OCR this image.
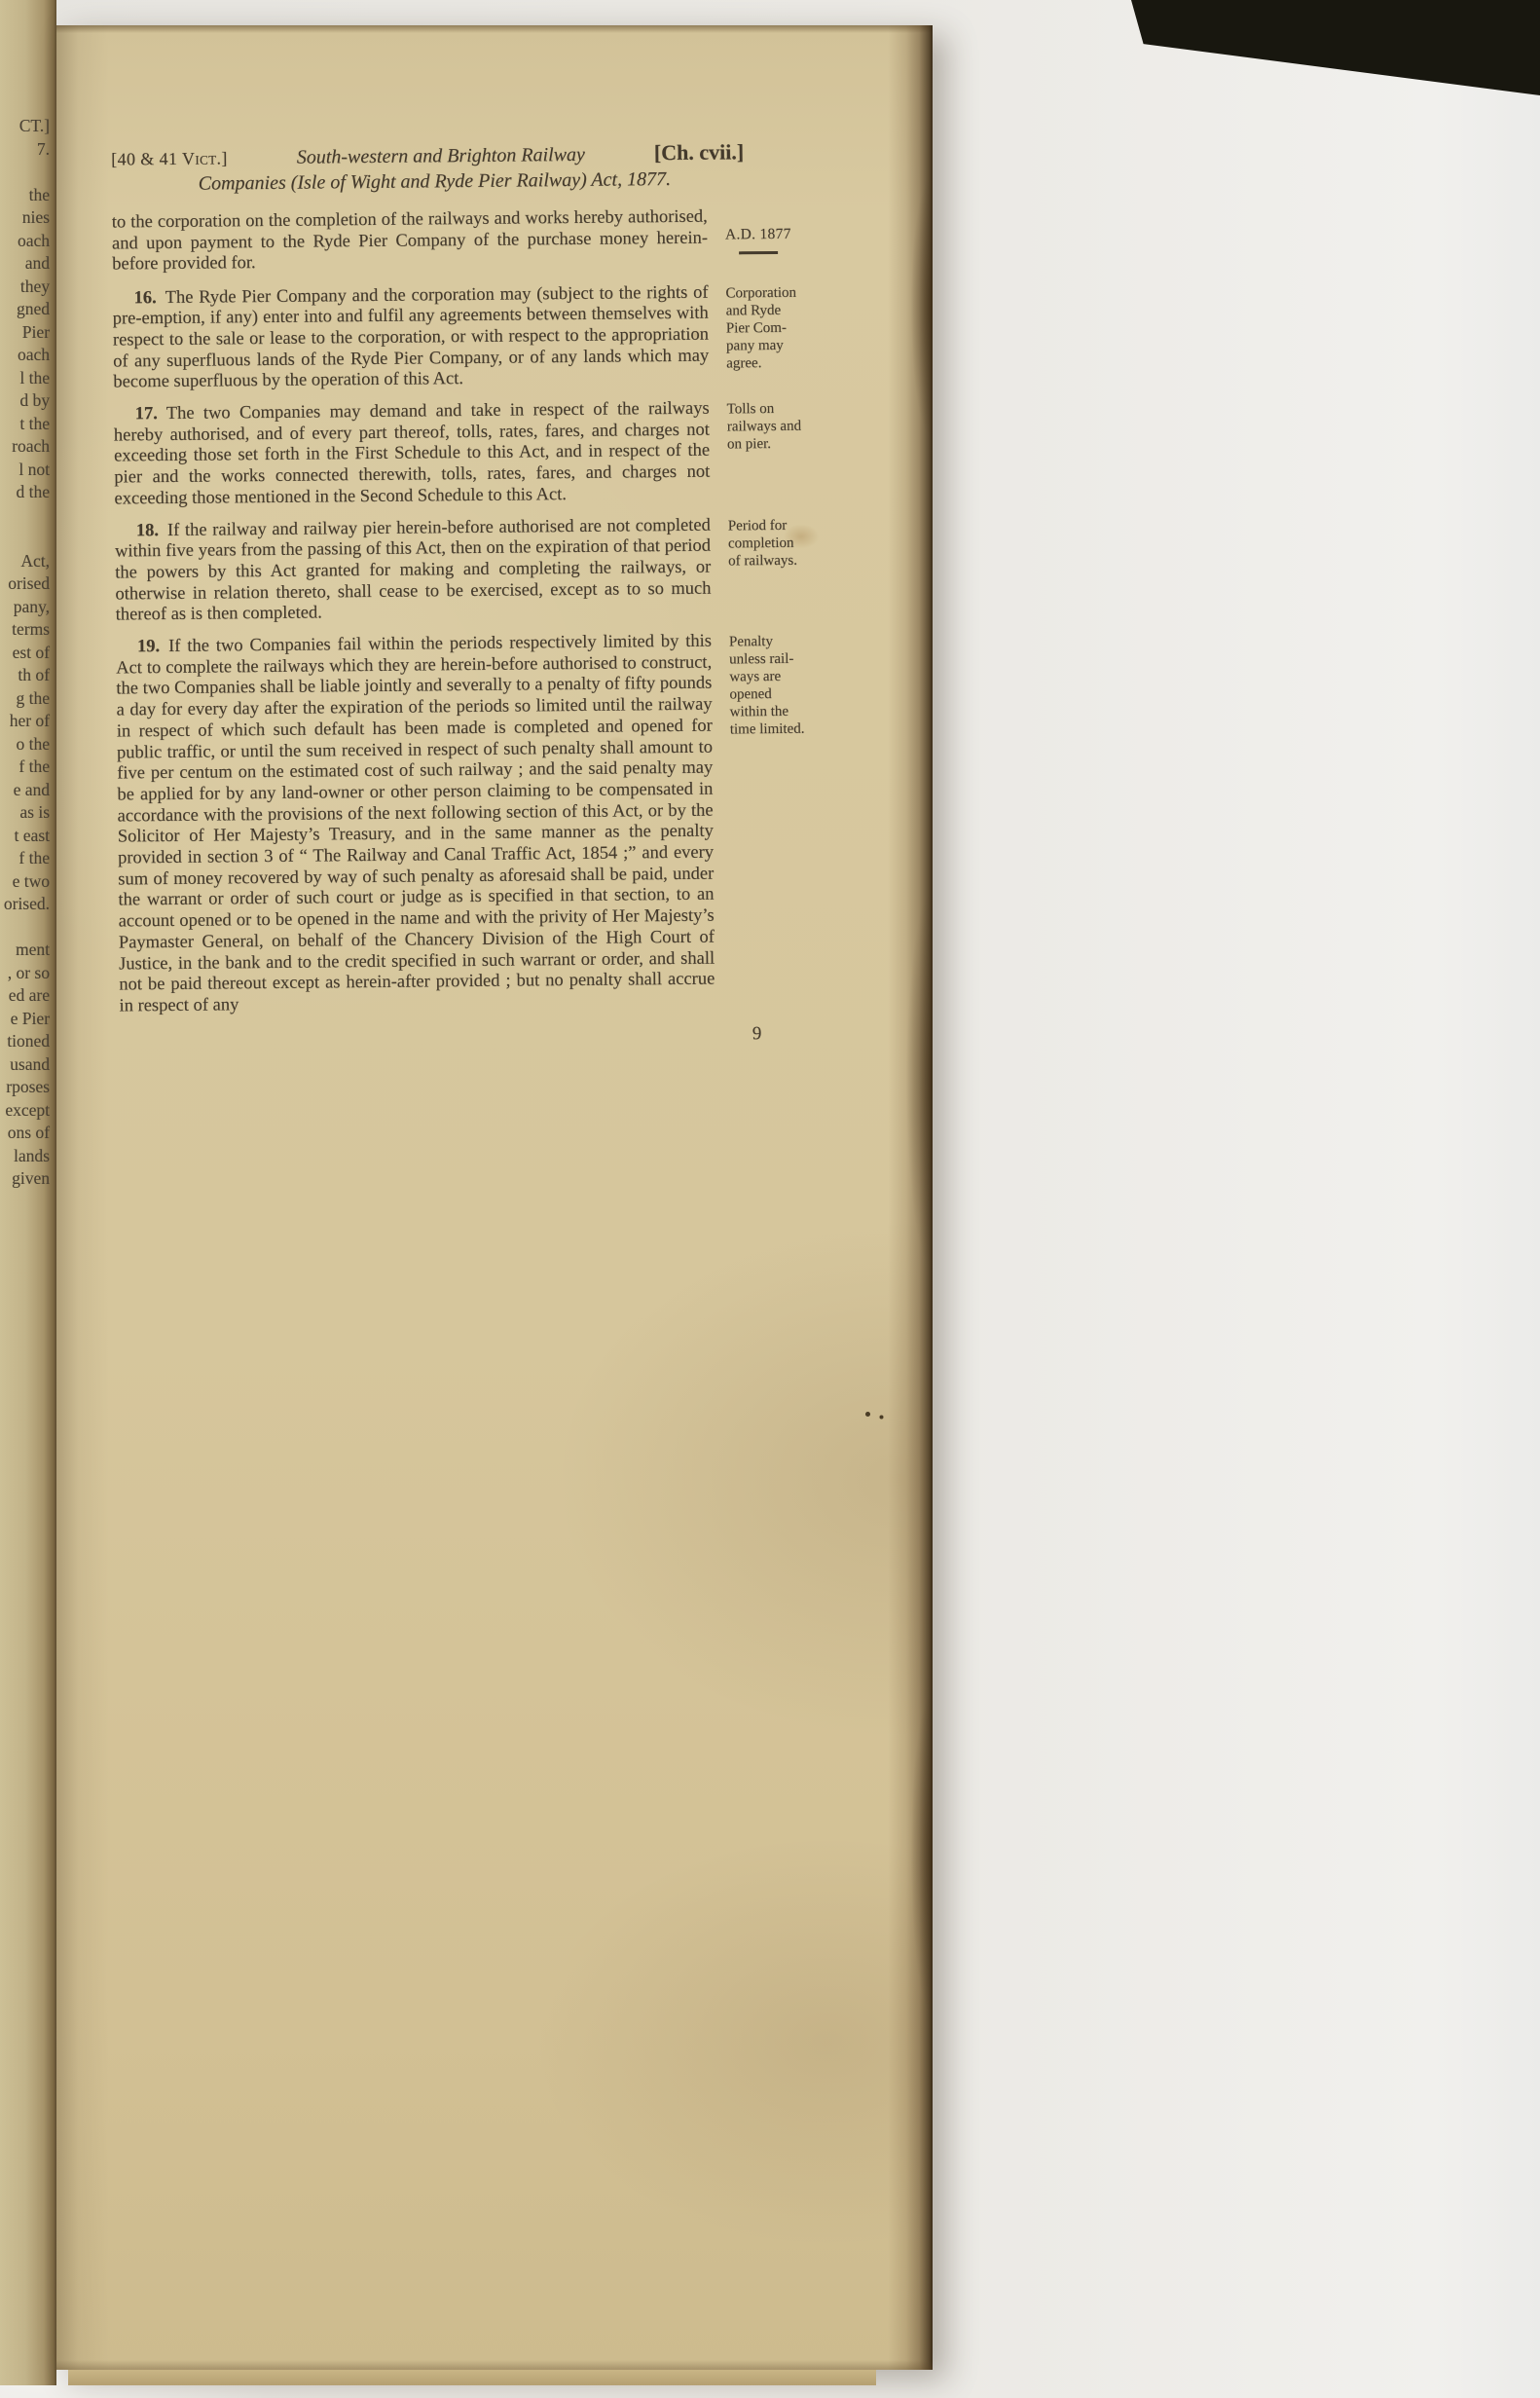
CT.]
7.
the
nies
oach
and
they
gned
Pier
oach
l the
d by
t the
roach
l not
d the
Act,
orised
pany,
terms
est of
th of
g the
her of
o the
f the
e and
as is
t east
f the
e two
orised.
ment
, or so
ed are
e Pier
tioned
usand
rposes
except
ons of
lands
given
[40 & 41 Vict.]	South-western and Brighton Railway	[Ch. cvii.]
Companies (Isle of Wight and Ryde Pier Railway) Act, 1877.

to the corporation on the completion of the railways and works hereby authorised, and upon payment to the Ryde Pier Company of the purchase money herein-before provided for.

A.D. 1877

16. The Ryde Pier Company and the corporation may (subject to the rights of pre-emption, if any) enter into and fulfil any agreements between themselves with respect to the sale or lease to the corporation, or with respect to the appropriation of any superfluous lands of the Ryde Pier Company, or of any lands which may become superfluous by the operation of this Act.

Corporation
and Ryde
Pier Com-
pany may
agree.

17. The two Companies may demand and take in respect of the railways hereby authorised, and of every part thereof, tolls, rates, fares, and charges not exceeding those set forth in the First Schedule to this Act, and in respect of the pier and the works connected therewith, tolls, rates, fares, and charges not exceeding those mentioned in the Second Schedule to this Act.

Tolls on
railways and
on pier.

18. If the railway and railway pier herein-before authorised are not completed within five years from the passing of this Act, then on the expiration of that period the powers by this Act granted for making and completing the railways, or otherwise in relation thereto, shall cease to be exercised, except as to so much thereof as is then completed.

Period for
completion
of railways.

19. If the two Companies fail within the periods respectively limited by this Act to complete the railways which they are herein-before authorised to construct, the two Companies shall be liable jointly and severally to a penalty of fifty pounds a day for every day after the expiration of the periods so limited until the railway in respect of which such default has been made is completed and opened for public traffic, or until the sum received in respect of such penalty shall amount to five per centum on the estimated cost of such railway ; and the said penalty may be applied for by any land-owner or other person claiming to be compensated in accordance with the provisions of the next following section of this Act, or by the Solicitor of Her Majesty’s Treasury, and in the same manner as the penalty provided in section 3 of “ The Railway and Canal Traffic Act, 1854 ;” and every sum of money recovered by way of such penalty as aforesaid shall be paid, under the warrant or order of such court or judge as is specified in that section, to an account opened or to be opened in the name and with the privity of Her Majesty’s Paymaster General, on behalf of the Chancery Division of the High Court of Justice, in the bank and to the credit specified in such warrant or order, and shall not be paid thereout except as herein-after provided ; but no penalty shall accrue in respect of any

Penalty
unless rail-
ways are
opened
within the
time limited.
9
